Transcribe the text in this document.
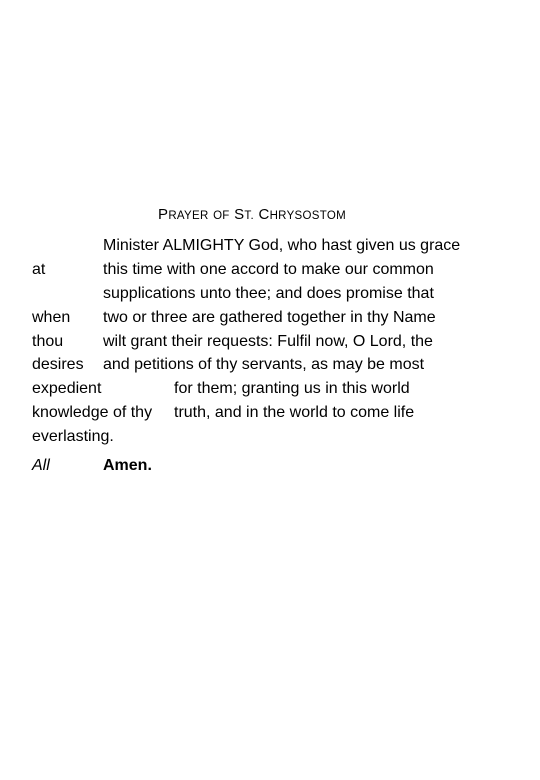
PRAYER OF ST. CHRYSOSTOM
Minister ALMIGHTY God, who hast given us grace
at	this time with one accord to make our common
supplications unto thee; and does promise that
when two or three are gathered together in thy Name
thou wilt grant their requests: Fulfil now, O Lord, the
desires and petitions of thy servants, as may be most
expedient	for them; granting us in this world
knowledge of thy truth, and in the world to come life
everlasting.
All	Amen.
